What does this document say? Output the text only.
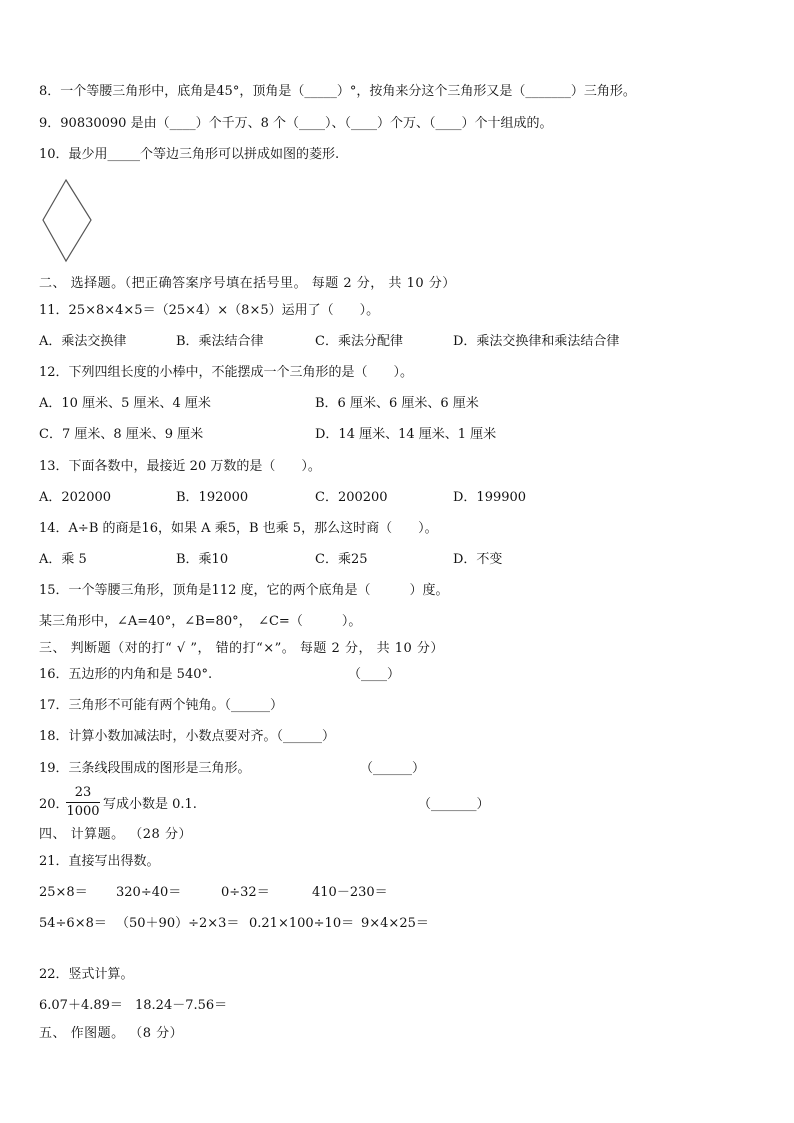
8．一个等腰三角形中，底角是45°，顶角是（_____）°，按角来分这个三角形又是（_______）三角形。
9．90830090 是由（____）个千万、8 个（____）、（____）个万、（____）个十组成的。
10．最少用_____个等边三角形可以拼成如图的菱形.
二、 选择题。（把正确答案序号填在括号里。 每题 2 分， 共 10 分）
11．25×8×4×5＝（25×4）×（8×5）运用了（　　）。
A．乘法交换律	B．乘法结合律	C．乘法分配律	D．乘法交换律和乘法结合律
12．下列四组长度的小棒中，不能摆成一个三角形的是（　　）。
A．10 厘米、5 厘米、4 厘米	B．6 厘米、6 厘米、6 厘米
C．7 厘米、8 厘米、9 厘米	D．14 厘米、14 厘米、1 厘米
13．下面各数中，最接近 20 万数的是（　　）。
A．202000	B．192000	C．200200	D．199900
14．A÷B 的商是16，如果 A 乘5，B 也乘 5，那么这时商（　　）。
A．乘 5	B．乘10	C．乘25	D．不变
15．一个等腰三角形，顶角是112 度，它的两个底角是（　　　）度。
某三角形中，∠A=40°，∠B=80°，　∠C=（　　　）。
三、 判断题（对的打“ √ ”， 错的打“×”。 每题 2 分， 共 10 分）
16．五边形的内角和是 540°.	（____）
17．三角形不可能有两个钝角。（______）
18．计算小数加减法时，小数点要对齐。（______）
19．三条线段围成的图形是三角形。	（______）
20．
23
1000 写成小数是 0.1.	（_______）
四、 计算题。 （28 分）
21．直接写出得数。
25×8＝ 320÷40＝	0÷32＝	410－230＝
54÷6×8＝ （50＋90）÷2×3＝ 0.21×100÷10＝ 9×4×25＝
22．竖式计算。
6.07＋4.89＝ 18.24－7.56＝
五、 作图题。 （8 分）
